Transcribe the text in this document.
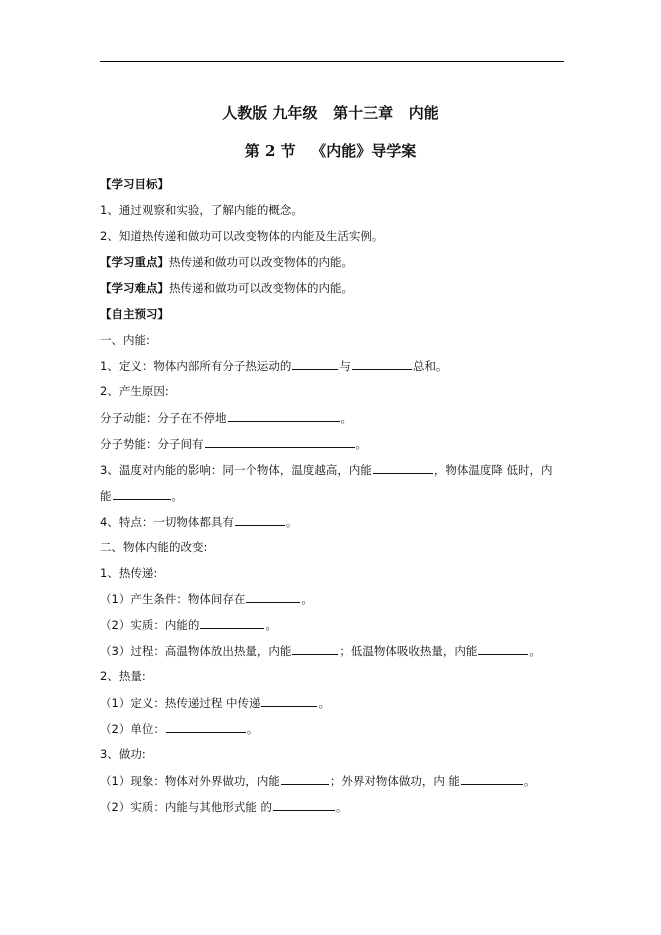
人教版 九年级   第十三章   内能
第 2 节   《内能》导学案
【学习目标】
1、通过观察和实验，了解内能的概念。
2、知道热传递和做功可以改变物体的内能及生活实例。
【学习重点】热传递和做功可以改变物体的内能。
【学习难点】热传递和做功可以改变物体的内能。
【自主预习】
一、内能:
1、定义：物体内部所有分子热运动的	与	总和。
2、产生原因:
分子动能：分子在不停地	。
分子势能：分子间有	。
3、温度对内能的影响：同一个物体，温度越高，内能	，物体温度降 低时，内
能	。
4、特点：一切物体都具有	。
二、物体内能的改变:
1、热传递:
（1）产生条件：物体间存在	。
（2）实质：内能的	。
（3）过程：高温物体放出热量，内能	；低温物体吸收热量，内能	。
2、热量:
（1）定义：热传递过程 中传递	。
（2）单位：	。
3、做功:
（1）现象：物体对外界做功，内能	；外界对物体做功，内 能	。
（2）实质：内能与其他形式能 的	。
